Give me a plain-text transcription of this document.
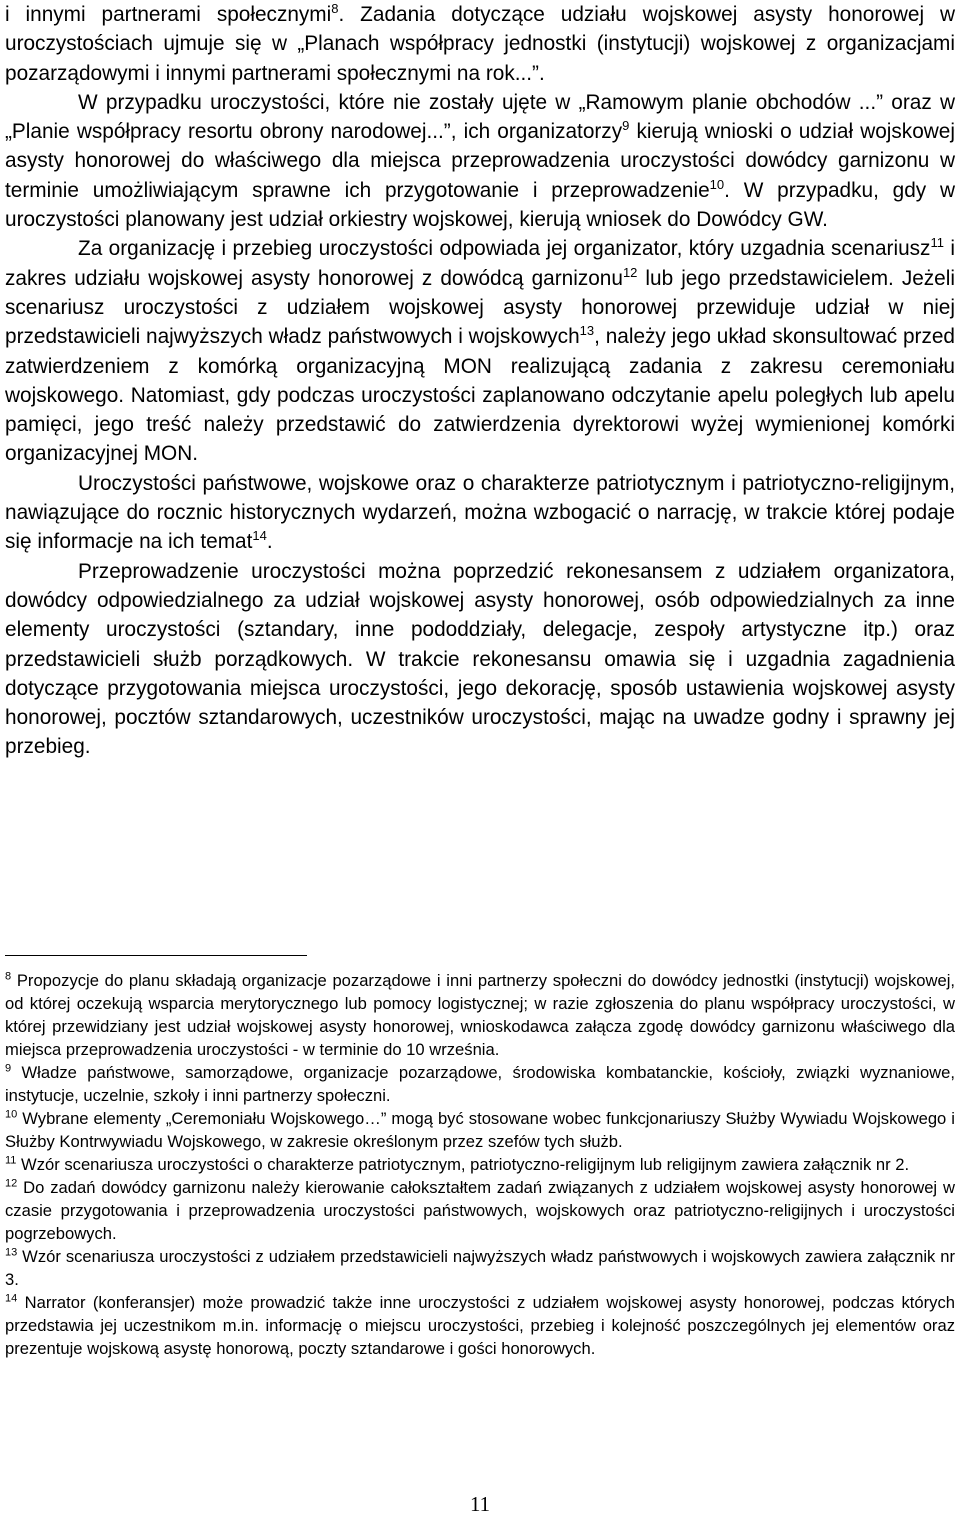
i innymi partnerami społecznymi$^8$. Zadania dotyczące udziału wojskowej asysty honorowej w uroczystościach ujmuje się w „Planach współpracy jednostki (instytucji) wojskowej z organizacjami pozarządowymi i innymi partnerami społecznymi na rok...”.

W przypadku uroczystości, które nie zostały ujęte w „Ramowym planie obchodów ...” oraz w „Planie współpracy resortu obrony narodowej...”, ich organizatorzy$^9$ kierują wnioski o udział wojskowej asysty honorowej do właściwego dla miejsca przeprowadzenia uroczystości dowódcy garnizonu w terminie umożliwiającym sprawne ich przygotowanie i przeprowadzenie$^{10}$. W przypadku, gdy w uroczystości planowany jest udział orkiestry wojskowej, kierują wniosek do Dowódcy GW.

Za organizację i przebieg uroczystości odpowiada jej organizator, który uzgadnia scenariusz$^{11}$ i zakres udziału wojskowej asysty honorowej z dowódcą garnizonu$^{12}$ lub jego przedstawicielem. Jeżeli scenariusz uroczystości z udziałem wojskowej asysty honorowej przewiduje udział w niej przedstawicieli najwyższych władz państwowych i wojskowych$^{13}$, należy jego układ skonsultować przed zatwierdzeniem z komórką organizacyjną MON realizującą zadania z zakresu ceremoniału wojskowego. Natomiast, gdy podczas uroczystości zaplanowano odczytanie apelu poległych lub apelu pamięci, jego treść należy przedstawić do zatwierdzenia dyrektorowi wyżej wymienionej komórki organizacyjnej MON.

Uroczystości państwowe, wojskowe oraz o charakterze patriotycznym i patriotyczno-religijnym, nawiązujące do rocznic historycznych wydarzeń, można wzbogacić o narrację, w trakcie której podaje się informacje na ich temat$^{14}$.

Przeprowadzenie uroczystości można poprzedzić rekonesansem z udziałem organizatora, dowódcy odpowiedzialnego za udział wojskowej asysty honorowej, osób odpowiedzialnych za inne elementy uroczystości (sztandary, inne pododdziały, delegacje, zespoły artystyczne itp.) oraz przedstawicieli służb porządkowych. W trakcie rekonesansu omawia się i uzgadnia zagadnienia dotyczące przygotowania miejsca uroczystości, jego dekorację, sposób ustawienia wojskowej asysty honorowej, pocztów sztandarowych, uczestników uroczystości, mając na uwadze godny i sprawny jej przebieg.

$^8$ Propozycje do planu składają organizacje pozarządowe i inni partnerzy społeczni do dowódcy jednostki (instytucji) wojskowej, od której oczekują wsparcia merytorycznego lub pomocy logistycznej; w razie zgłoszenia do planu współpracy uroczystości, w której przewidziany jest udział wojskowej asysty honorowej, wnioskodawca załącza zgodę dowódcy garnizonu właściwego dla miejsca przeprowadzenia uroczystości - w terminie do 10 września.

$^9$ Władze państwowe, samorządowe, organizacje pozarządowe, środowiska kombatanckie, kościoły, związki wyznaniowe, instytucje, uczelnie, szkoły i inni partnerzy społeczni.

$^{10}$ Wybrane elementy „Ceremoniału Wojskowego…” mogą być stosowane wobec funkcjonariuszy Służby Wywiadu Wojskowego i Służby Kontrwywiadu Wojskowego, w zakresie określonym przez szefów tych służb.

$^{11}$ Wzór scenariusza uroczystości o charakterze patriotycznym, patriotyczno-religijnym lub religijnym zawiera załącznik nr 2.

$^{12}$ Do zadań dowódcy garnizonu należy kierowanie całokształtem zadań związanych z udziałem wojskowej asysty honorowej w czasie przygotowania i przeprowadzenia uroczystości państwowych, wojskowych oraz patriotyczno-religijnych i uroczystości pogrzebowych.

$^{13}$ Wzór scenariusza uroczystości z udziałem przedstawicieli najwyższych władz państwowych i wojskowych zawiera załącznik nr 3.

$^{14}$ Narrator (konferansjer) może prowadzić także inne uroczystości z udziałem wojskowej asysty honorowej, podczas których przedstawia jej uczestnikom m.in. informację o miejscu uroczystości, przebieg i kolejność poszczególnych jej elementów oraz prezentuje wojskową asystę honorową, poczty sztandarowe i gości honorowych.

11
